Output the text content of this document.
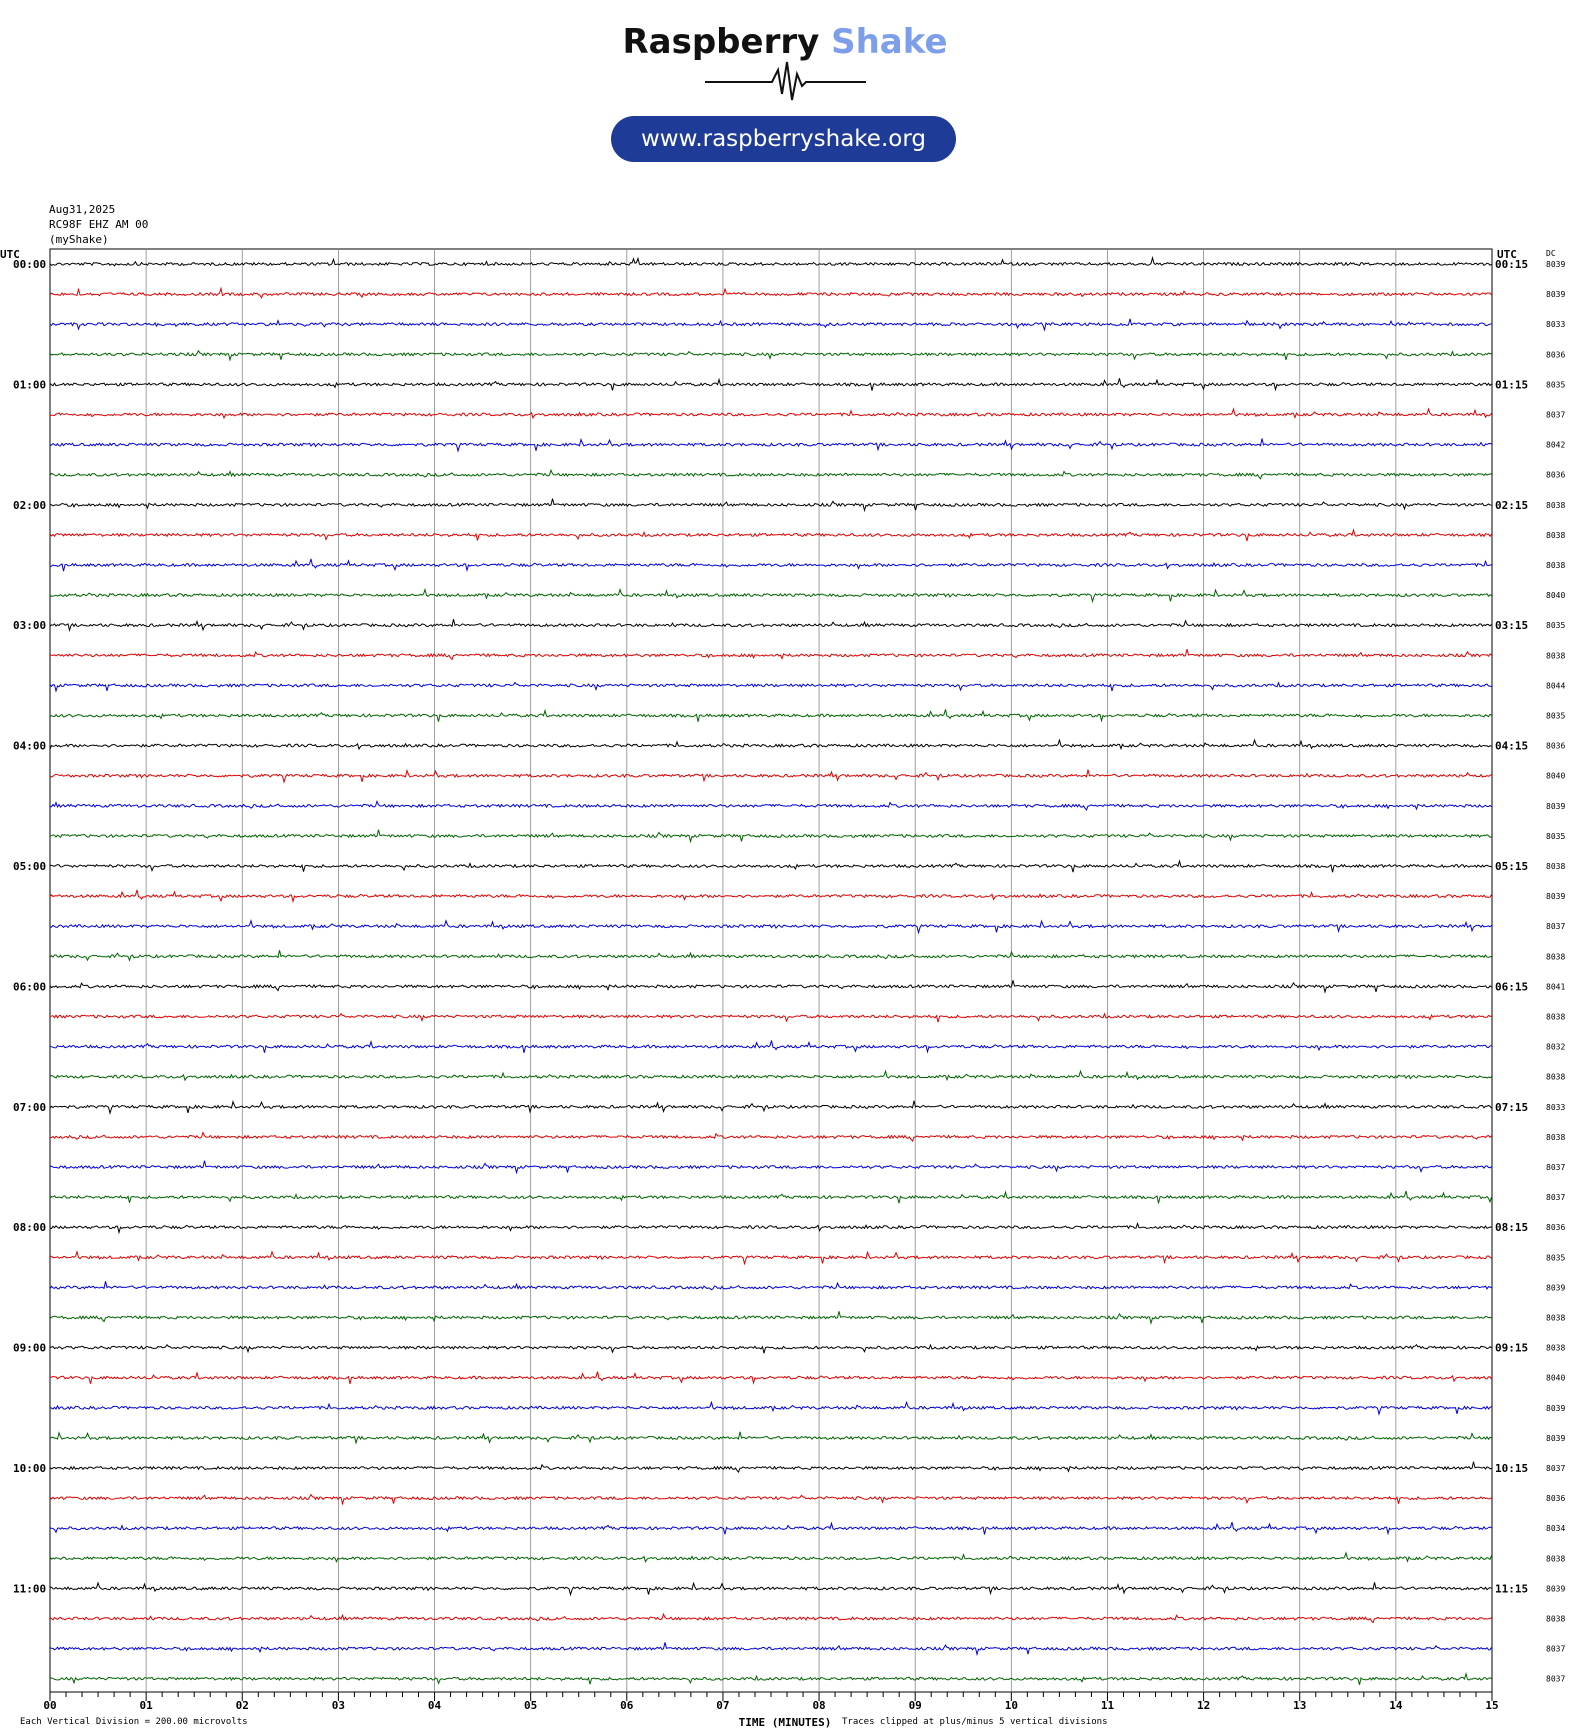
Raspberry Shake
www.raspberryshake.org
Aug31,2025
RC98F EHZ AM 00
(myShake)
8039
00:00	00:15
8039
8033
8036
8035
01:00	01:15
8037
8042
8036
8038
02:00	02:15
8038
8038
8040
8035
03:00	03:15
8038
8044
8035
8036
04:00	04:15
8040
8039
8035
8038
05:00	05:15
8039
8037
8038
8041
06:00	06:15
8038
8032
8038
8033
07:00	07:15
8038
8037
8037
8036
08:00	08:15
8035
8039
8038
8038
09:00	09:15
8040
8039
8039
8037
10:00	10:15
8036
8034
8038
8039
11:00	11:15
8038
8037
8037
UTC	UTC	DC
00	01	02	03	04	05	06	07	08	09	10	11	12	13	14	15
TIME (MINUTES)
Each Vertical Division = 200.00 microvolts	Traces clipped at plus/minus 5 vertical divisions
